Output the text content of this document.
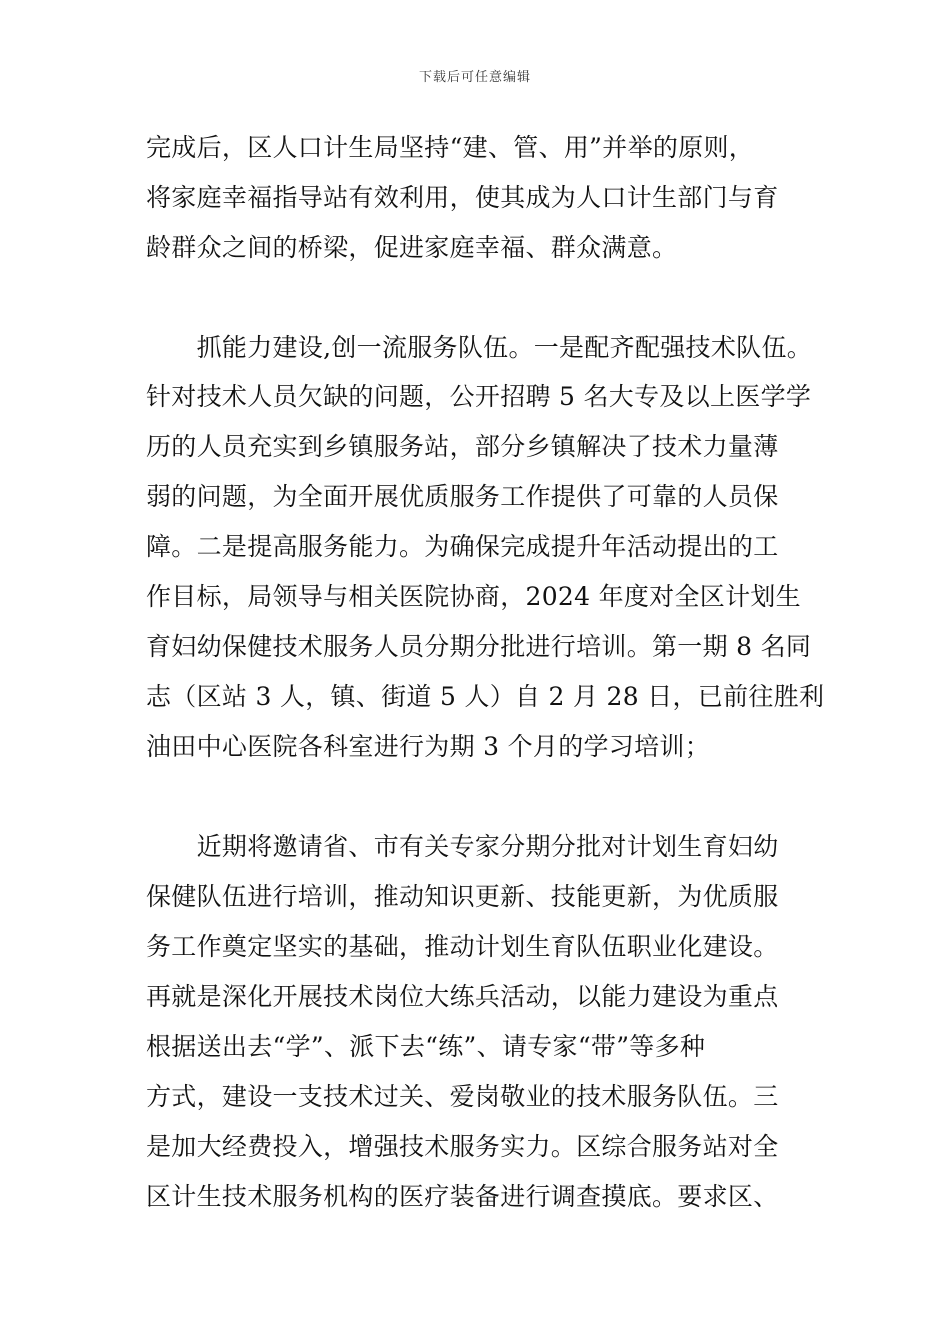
下载后可任意编辑
完成后，区人口计生局坚持“建、管、用”并举的原则，
将家庭幸福指导站有效利用，使其成为人口计生部门与育
龄群众之间的桥梁，促进家庭幸福、群众满意。
　　抓能力建设,创一流服务队伍。一是配齐配强技术队伍。
针对技术人员欠缺的问题，公开招聘 5 名大专及以上医学学
历的人员充实到乡镇服务站，部分乡镇解决了技术力量薄
弱的问题，为全面开展优质服务工作提供了可靠的人员保
障。二是提高服务能力。为确保完成提升年活动提出的工
作目标，局领导与相关医院协商，2024 年度对全区计划生
育妇幼保健技术服务人员分期分批进行培训。第一期 8 名同
志（区站 3 人，镇、街道 5 人）自 2 月 28 日，已前往胜利
油田中心医院各科室进行为期 3 个月的学习培训；
　　近期将邀请省、市有关专家分期分批对计划生育妇幼
保健队伍进行培训，推动知识更新、技能更新，为优质服
务工作奠定坚实的基础，推动计划生育队伍职业化建设。
再就是深化开展技术岗位大练兵活动，以能力建设为重点
根据送出去“学”、派下去“练”、请专家“带”等多种
方式，建设一支技术过关、爱岗敬业的技术服务队伍。三
是加大经费投入，增强技术服务实力。区综合服务站对全
区计生技术服务机构的医疗装备进行调查摸底。要求区、
